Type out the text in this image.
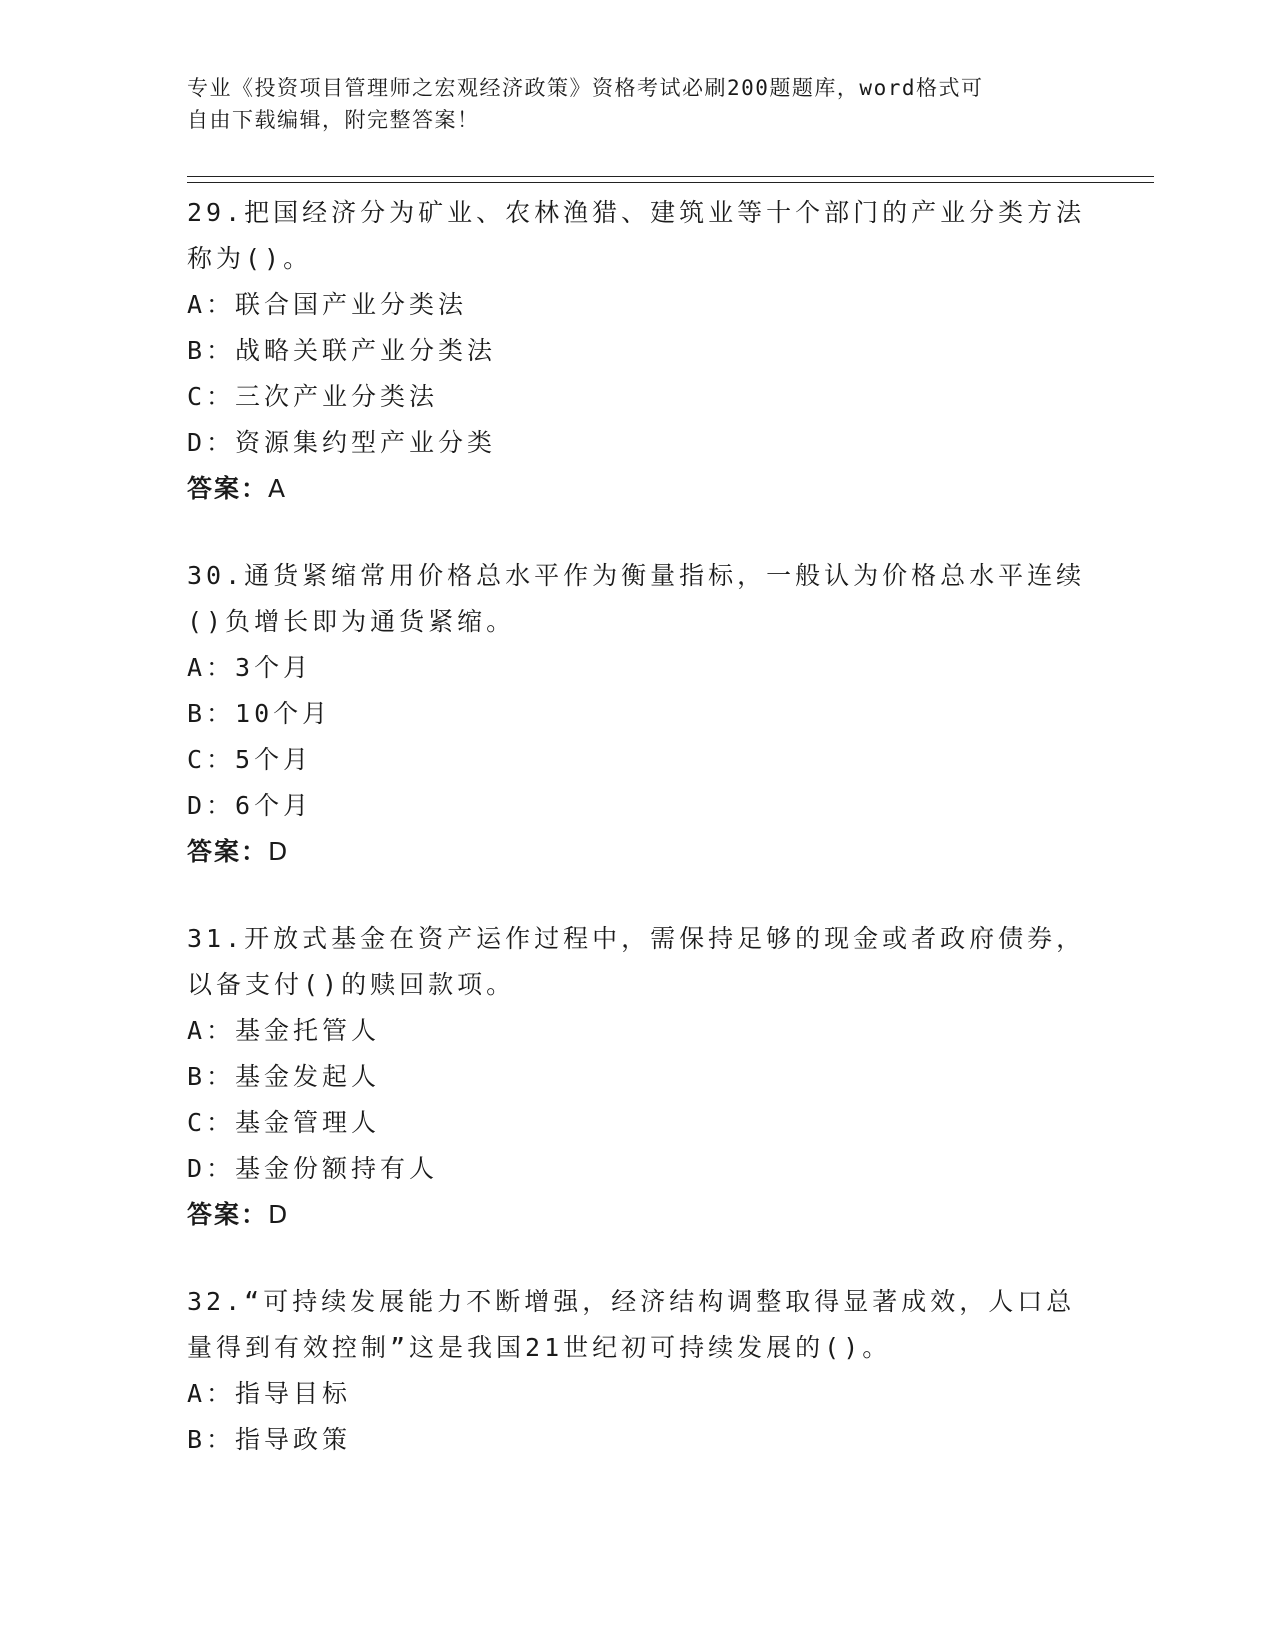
专业《投资项目管理师之宏观经济政策》资格考试必刷200题题库，word格式可
自由下载编辑，附完整答案！

29.把国经济分为矿业、农林渔猎、建筑业等十个部门的产业分类方法

称为()。

A：联合国产业分类法

B：战略关联产业分类法

C：三次产业分类法

D：资源集约型产业分类

答案：A

30.通货紧缩常用价格总水平作为衡量指标，一般认为价格总水平连续

()负增长即为通货紧缩。

A：3个月

B：10个月

C：5个月

D：6个月

答案：D

31.开放式基金在资产运作过程中，需保持足够的现金或者政府债券，

以备支付()的赎回款项。

A：基金托管人

B：基金发起人

C：基金管理人

D：基金份额持有人

答案：D

32.“可持续发展能力不断增强，经济结构调整取得显著成效，人口总

量得到有效控制”这是我国21世纪初可持续发展的()。

A：指导目标

B：指导政策
